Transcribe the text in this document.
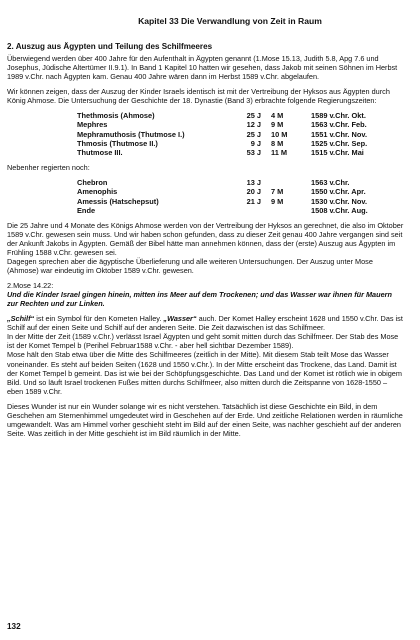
Kapitel 33 Die Verwandlung von Zeit in Raum
2. Auszug aus Ägypten und Teilung des Schilfmeeres

Überwiegend werden über 400 Jahre für den Aufenthalt in Ägypten genannt (1.Mose 15.13, Judith 5.8, Apg 7.6 und Josephus, Jüdische Altertümer II.9.1). In Band 1 Kapitel 10 hatten wir gesehen, dass Jakob mit seinen Söhnen im Herbst 1989 v.Chr. nach Ägypten kam. Genau 400 Jahre wären dann im Herbst 1589 v.Chr. abgelaufen.

Wir können zeigen, dass der Auszug der Kinder Israels identisch ist mit der Vertreibung der Hyksos aus Ägypten durch König Ahmose. Die Untersuchung der Geschichte der 18. Dynastie (Band 3) erbrachte folgende Regierungszeiten:

Thethmosis (Ahmose)	25 J	4 M	1589 v.Chr. Okt.
Mephres	12 J	9 M	1563 v.Chr. Feb.
Mephramuthosis (Thutmose I.)	25 J	10 M	1551 v.Chr. Nov.
Thmosis (Thutmose II.)	9 J	8 M	1525 v.Chr. Sep.
Thutmose III.	53 J	11 M	1515 v.Chr. Mai

Nebenher regierten noch:

Chebron	13 J		1563 v.Chr.
Amenophis	20 J	7 M	1550 v.Chr. Apr.
Amessis (Hatschepsut)	21 J	9 M	1530 v.Chr. Nov.
Ende			1508 v.Chr. Aug.

Die 25 Jahre und 4 Monate des Königs Ahmose werden von der Vertreibung der Hyksos an gerechnet, die also im Oktober 1589 v.Chr. gewesen sein muss. Und wir haben schon gefunden, dass zu dieser Zeit genau 400 Jahre vergangen sind seit der Ankunft Jakobs in Ägypten. Gemäß der Bibel hätte man annehmen können, dass der (erste) Auszug aus Ägypten im Frühling 1588 v.Chr. gewesen sei.

Dagegen sprechen aber die ägyptische Überlieferung und alle weiteren Untersuchungen. Der Auszug unter Mose (Ahmose) war eindeutig im Oktober 1589 v.Chr. gewesen.

2.Mose 14.22:
Und die Kinder Israel gingen hinein, mitten ins Meer auf dem Trockenen; und das Wasser war ihnen für Mauern zur Rechten und zur Linken.

„Schilf“ ist ein Symbol für den Kometen Halley. „Wasser“ auch. Der Komet Halley erscheint 1628 und 1550 v.Chr. Das ist Schilf auf der einen Seite und Schilf auf der anderen Seite. Die Zeit dazwischen ist das Schilfmeer.

In der Mitte der Zeit (1589 v.Chr.) verlässt Israel Ägypten und geht somit mitten durch das Schilfmeer. Der Stab des Mose ist der Komet Tempel b (Perihel Februar1588 v.Chr. - aber hell sichtbar Dezember 1589).

Mose hält den Stab etwa über die Mitte des Schilfmeeres (zeitlich in der Mitte). Mit diesem Stab teilt Mose das Wasser voneinander. Es steht auf beiden Seiten (1628 und 1550 v.Chr.). In der Mitte erscheint das Trockene, das Land. Damit ist der Komet Tempel b gemeint. Das ist wie bei der Schöpfungsgeschichte. Das Land und der Komet ist rötlich wie in obigem Bild. Und so läuft Israel trockenen Fußes mitten durchs Schilfmeer, also mitten durch die Zeitspanne von 1628-1550 – eben 1589 v.Chr.

Dieses Wunder ist nur ein Wunder solange wir es nicht verstehen. Tatsächlich ist diese Geschichte ein Bild, in dem Geschehen am Sternenhimmel umgedeutet wird in Geschehen auf der Erde. Und zeitliche Relationen werden in räumliche umgewandelt. Was am Himmel vorher geschieht steht im Bild auf der einen Seite, was nachher geschieht auf der anderen Seite. Was zeitlich in der Mitte geschieht ist im Bild räumlich in der Mitte.

132
